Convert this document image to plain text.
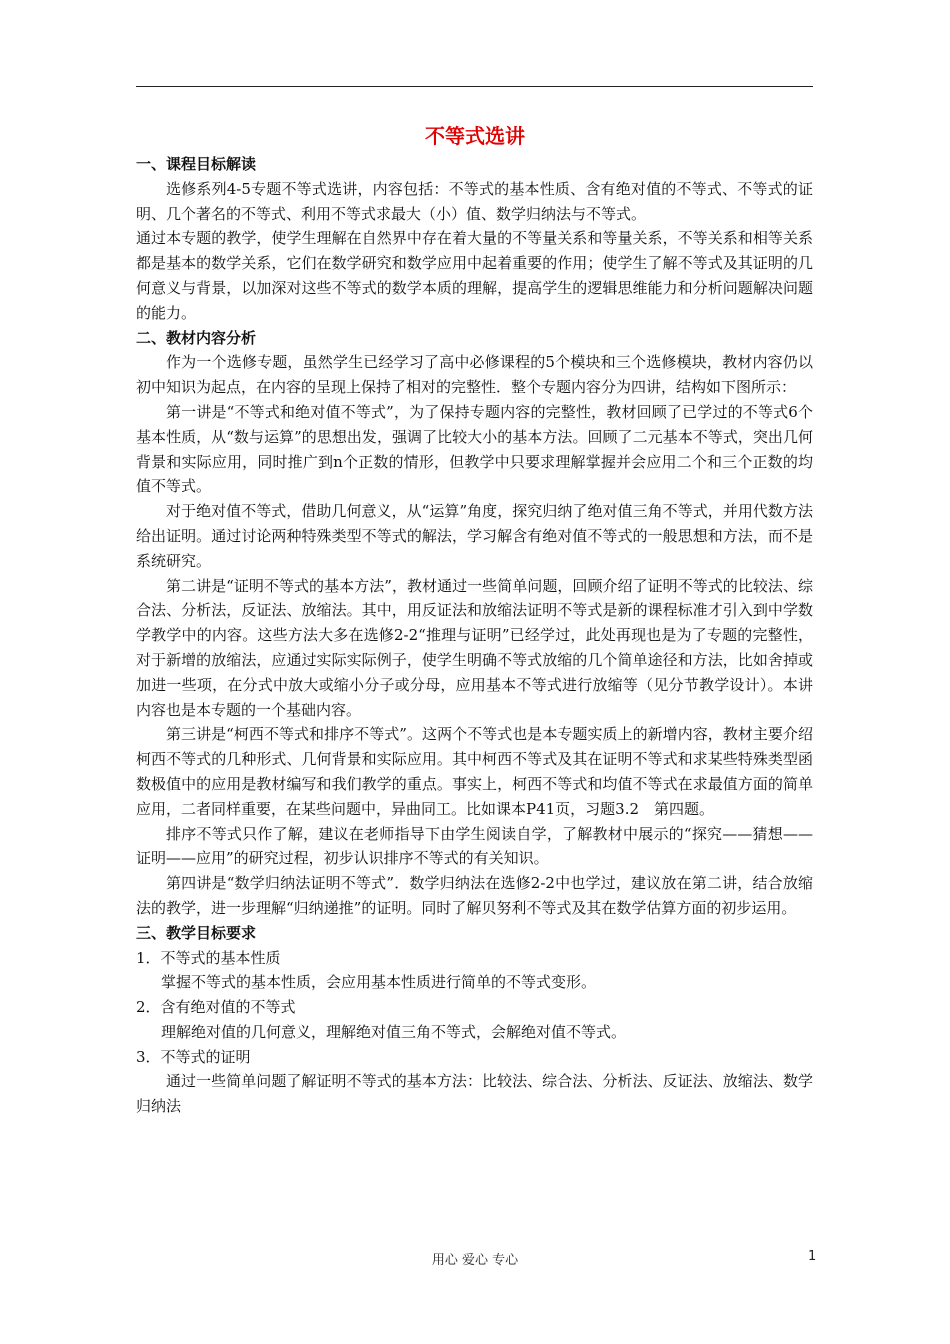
不等式选讲

一、课程目标解读

选修系列4-5专题不等式选讲，内容包括：不等式的基本性质、含有绝对值的不等式、不等式的证明、几个著名的不等式、利用不等式求最大（小）值、数学归纳法与不等式。

通过本专题的教学，使学生理解在自然界中存在着大量的不等量关系和等量关系，不等关系和相等关系都是基本的数学关系，它们在数学研究和数学应用中起着重要的作用；使学生了解不等式及其证明的几何意义与背景，以加深对这些不等式的数学本质的理解，提高学生的逻辑思维能力和分析问题解决问题的能力。

二、教材内容分析

作为一个选修专题，虽然学生已经学习了高中必修课程的5个模块和三个选修模块，教材内容仍以初中知识为起点，在内容的呈现上保持了相对的完整性．整个专题内容分为四讲，结构如下图所示：

第一讲是“不等式和绝对值不等式”，为了保持专题内容的完整性，教材回顾了已学过的不等式6个基本性质，从“数与运算”的思想出发，强调了比较大小的基本方法。回顾了二元基本不等式，突出几何背景和实际应用，同时推广到n个正数的情形，但教学中只要求理解掌握并会应用二个和三个正数的均值不等式。

对于绝对值不等式，借助几何意义，从“运算”角度，探究归纳了绝对值三角不等式，并用代数方法给出证明。通过讨论两种特殊类型不等式的解法，学习解含有绝对值不等式的一般思想和方法，而不是系统研究。

第二讲是“证明不等式的基本方法”，教材通过一些简单问题，回顾介绍了证明不等式的比较法、综合法、分析法，反证法、放缩法。其中，用反证法和放缩法证明不等式是新的课程标准才引入到中学数学教学中的内容。这些方法大多在选修2-2“推理与证明”已经学过，此处再现也是为了专题的完整性，对于新增的放缩法，应通过实际实际例子，使学生明确不等式放缩的几个简单途径和方法，比如舍掉或加进一些项，在分式中放大或缩小分子或分母，应用基本不等式进行放缩等（见分节教学设计）。本讲内容也是本专题的一个基础内容。

第三讲是“柯西不等式和排序不等式”。这两个不等式也是本专题实质上的新增内容，教材主要介绍柯西不等式的几种形式、几何背景和实际应用。其中柯西不等式及其在证明不等式和求某些特殊类型函数极值中的应用是教材编写和我们教学的重点。事实上，柯西不等式和均值不等式在求最值方面的简单应用，二者同样重要，在某些问题中，异曲同工。比如课本P41页，习题3.2　第四题。

排序不等式只作了解，建议在老师指导下由学生阅读自学，了解教材中展示的“探究——猜想——证明——应用”的研究过程，初步认识排序不等式的有关知识。

第四讲是“数学归纳法证明不等式”．数学归纳法在选修2-2中也学过，建议放在第二讲，结合放缩法的教学，进一步理解“归纳递推”的证明。同时了解贝努利不等式及其在数学估算方面的初步运用。

三、教学目标要求

1．不等式的基本性质

掌握不等式的基本性质，会应用基本性质进行简单的不等式变形。

2．含有绝对值的不等式

理解绝对值的几何意义，理解绝对值三角不等式，会解绝对值不等式。

3．不等式的证明

通过一些简单问题了解证明不等式的基本方法：比较法、综合法、分析法、反证法、放缩法、数学归纳法

用心 爱心 专心	1
